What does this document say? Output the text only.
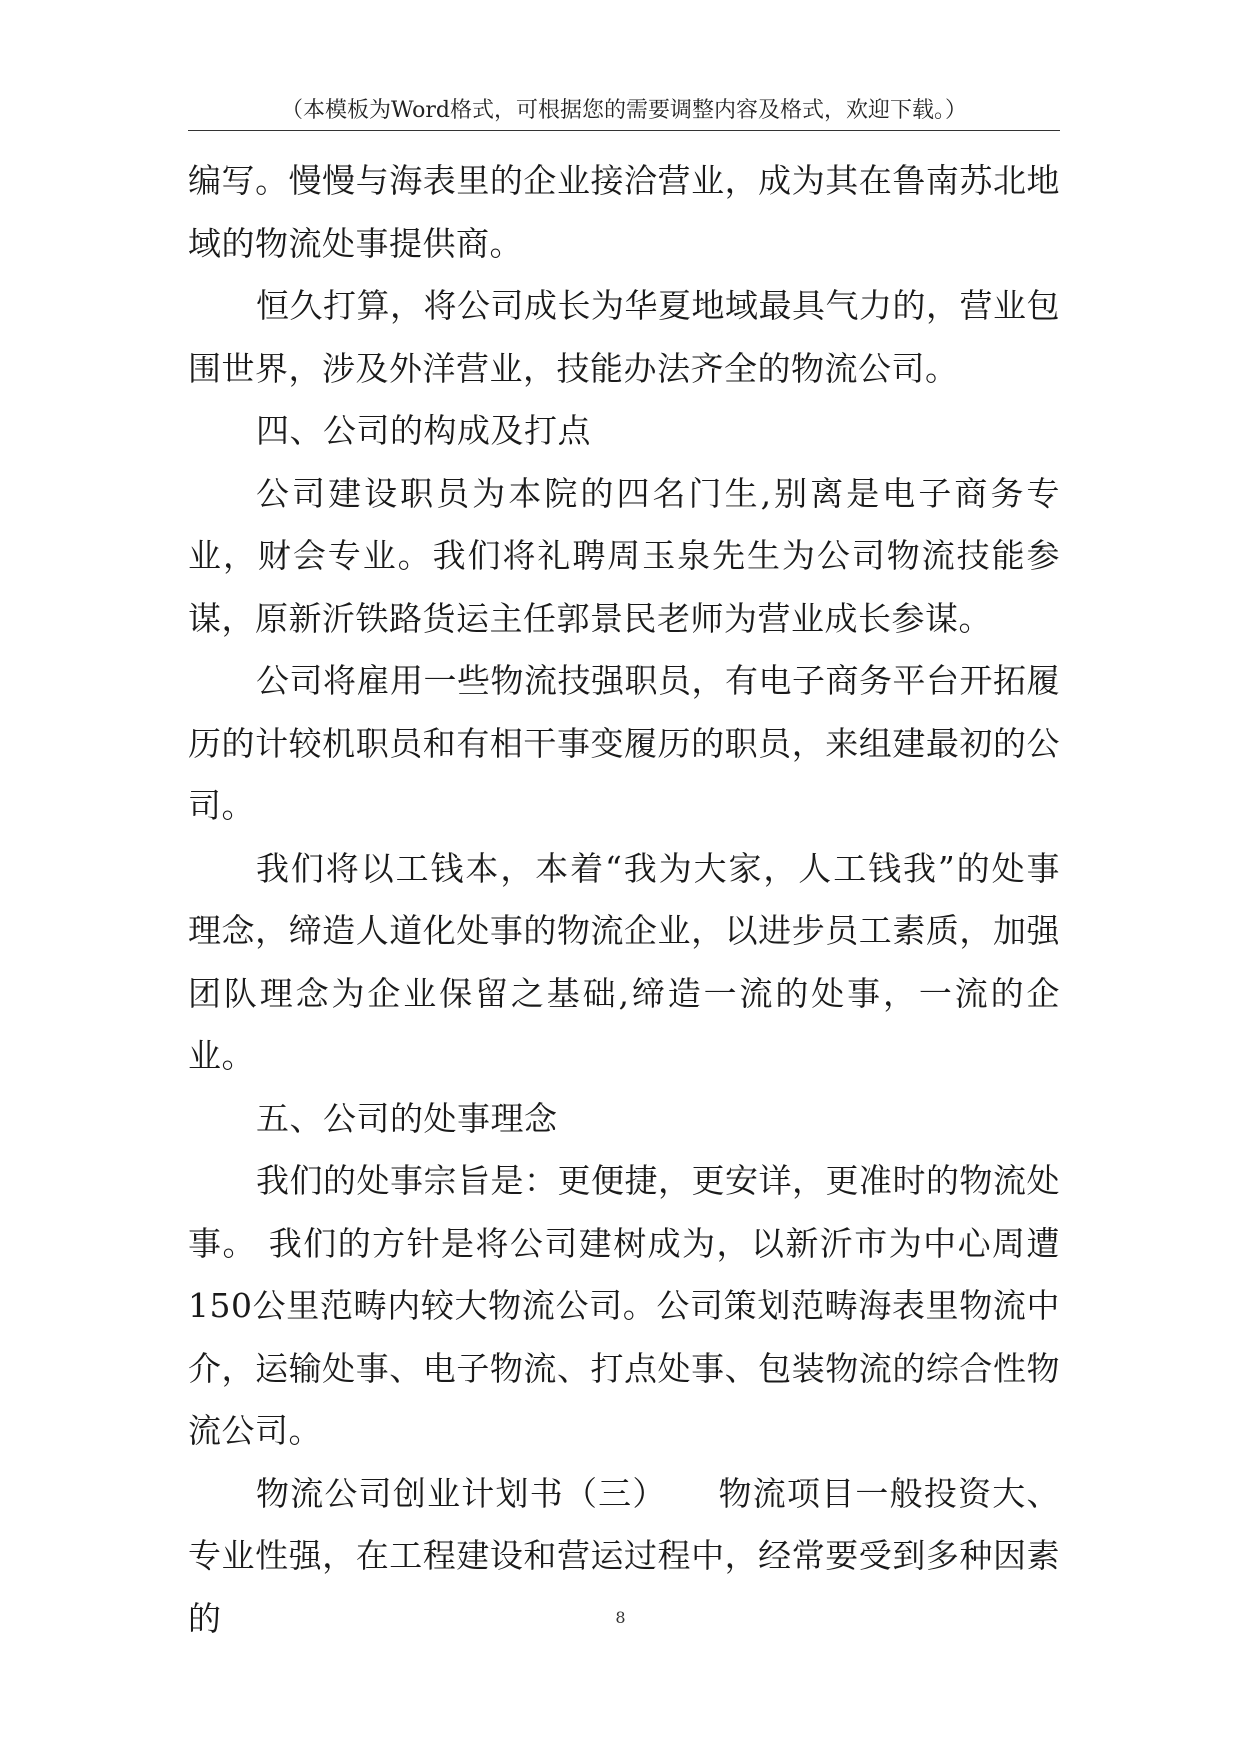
（本模板为Word格式，可根据您的需要调整内容及格式，欢迎下载。）

编写。慢慢与海表里的企业接洽营业，成为其在鲁南苏北地域的物流处事提供商。

恒久打算，将公司成长为华夏地域最具气力的，营业包围世界，涉及外洋营业，技能办法齐全的物流公司。

四、公司的构成及打点

公司建设职员为本院的四名门生,别离是电子商务专业，财会专业。我们将礼聘周玉泉先生为公司物流技能参谋，原新沂铁路货运主任郭景民老师为营业成长参谋。

公司将雇用一些物流技强职员，有电子商务平台开拓履历的计较机职员和有相干事变履历的职员，来组建最初的公司。

我们将以工钱本，本着“我为大家，人工钱我”的处事理念，缔造人道化处事的物流企业，以进步员工素质，加强团队理念为企业保留之基础,缔造一流的处事，一流的企业。

五、公司的处事理念

我们的处事宗旨是：更便捷，更安详，更准时的物流处事。 我们的方针是将公司建树成为，以新沂市为中心周遭150公里范畴内较大物流公司。公司策划范畴海表里物流中介，运输处事、电子物流、打点处事、包装物流的综合性物流公司。

物流公司创业计划书（三）　　物流项目一般投资大、专业性强，在工程建设和营运过程中，经常要受到多种因素的	8
